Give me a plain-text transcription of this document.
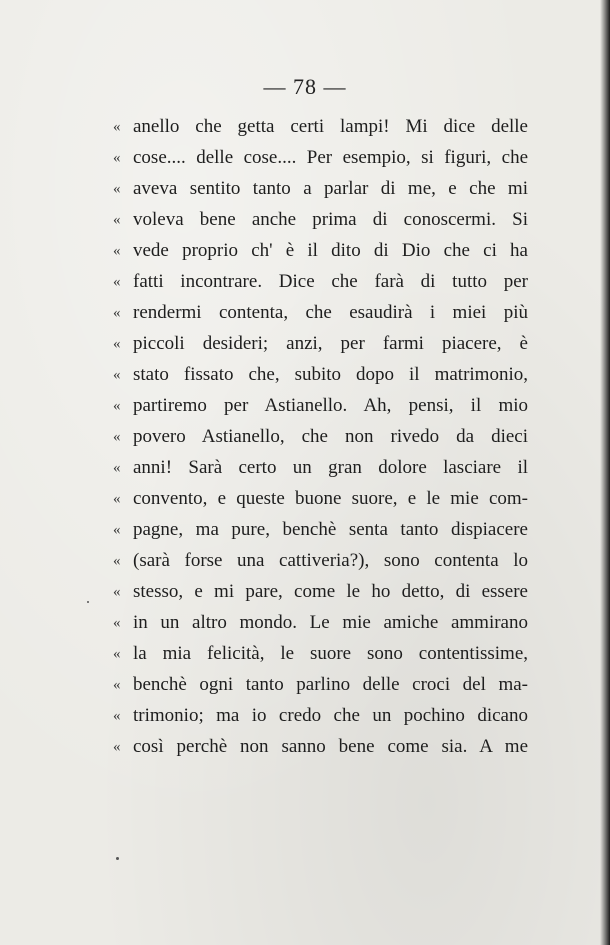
— 78 —
« anello che getta certi lampi! Mi dice delle
« cose.... delle cose.... Per esempio, si figuri, che
« aveva sentito tanto a parlar di me, e che mi
« voleva bene anche prima di conoscermi. Si
« vede proprio ch' è il dito di Dio che ci ha
« fatti incontrare. Dice che farà di tutto per
« rendermi contenta, che esaudirà i miei più
« piccoli desideri; anzi, per farmi piacere, è
« stato fissato che, subito dopo il matrimonio,
« partiremo per Astianello. Ah, pensi, il mio
« povero Astianello, che non rivedo da dieci
« anni! Sarà certo un gran dolore lasciare il
« convento, e queste buone suore, e le mie com-
« pagne, ma pure, benchè senta tanto dispiacere
« (sarà forse una cattiveria?), sono contenta lo
« stesso, e mi pare, come le ho detto, di essere
« in un altro mondo. Le mie amiche ammirano
« la mia felicità, le suore sono contentissime,
« benchè ogni tanto parlino delle croci del ma-
« trimonio; ma io credo che un pochino dicano
« così perchè non sanno bene come sia. A me
